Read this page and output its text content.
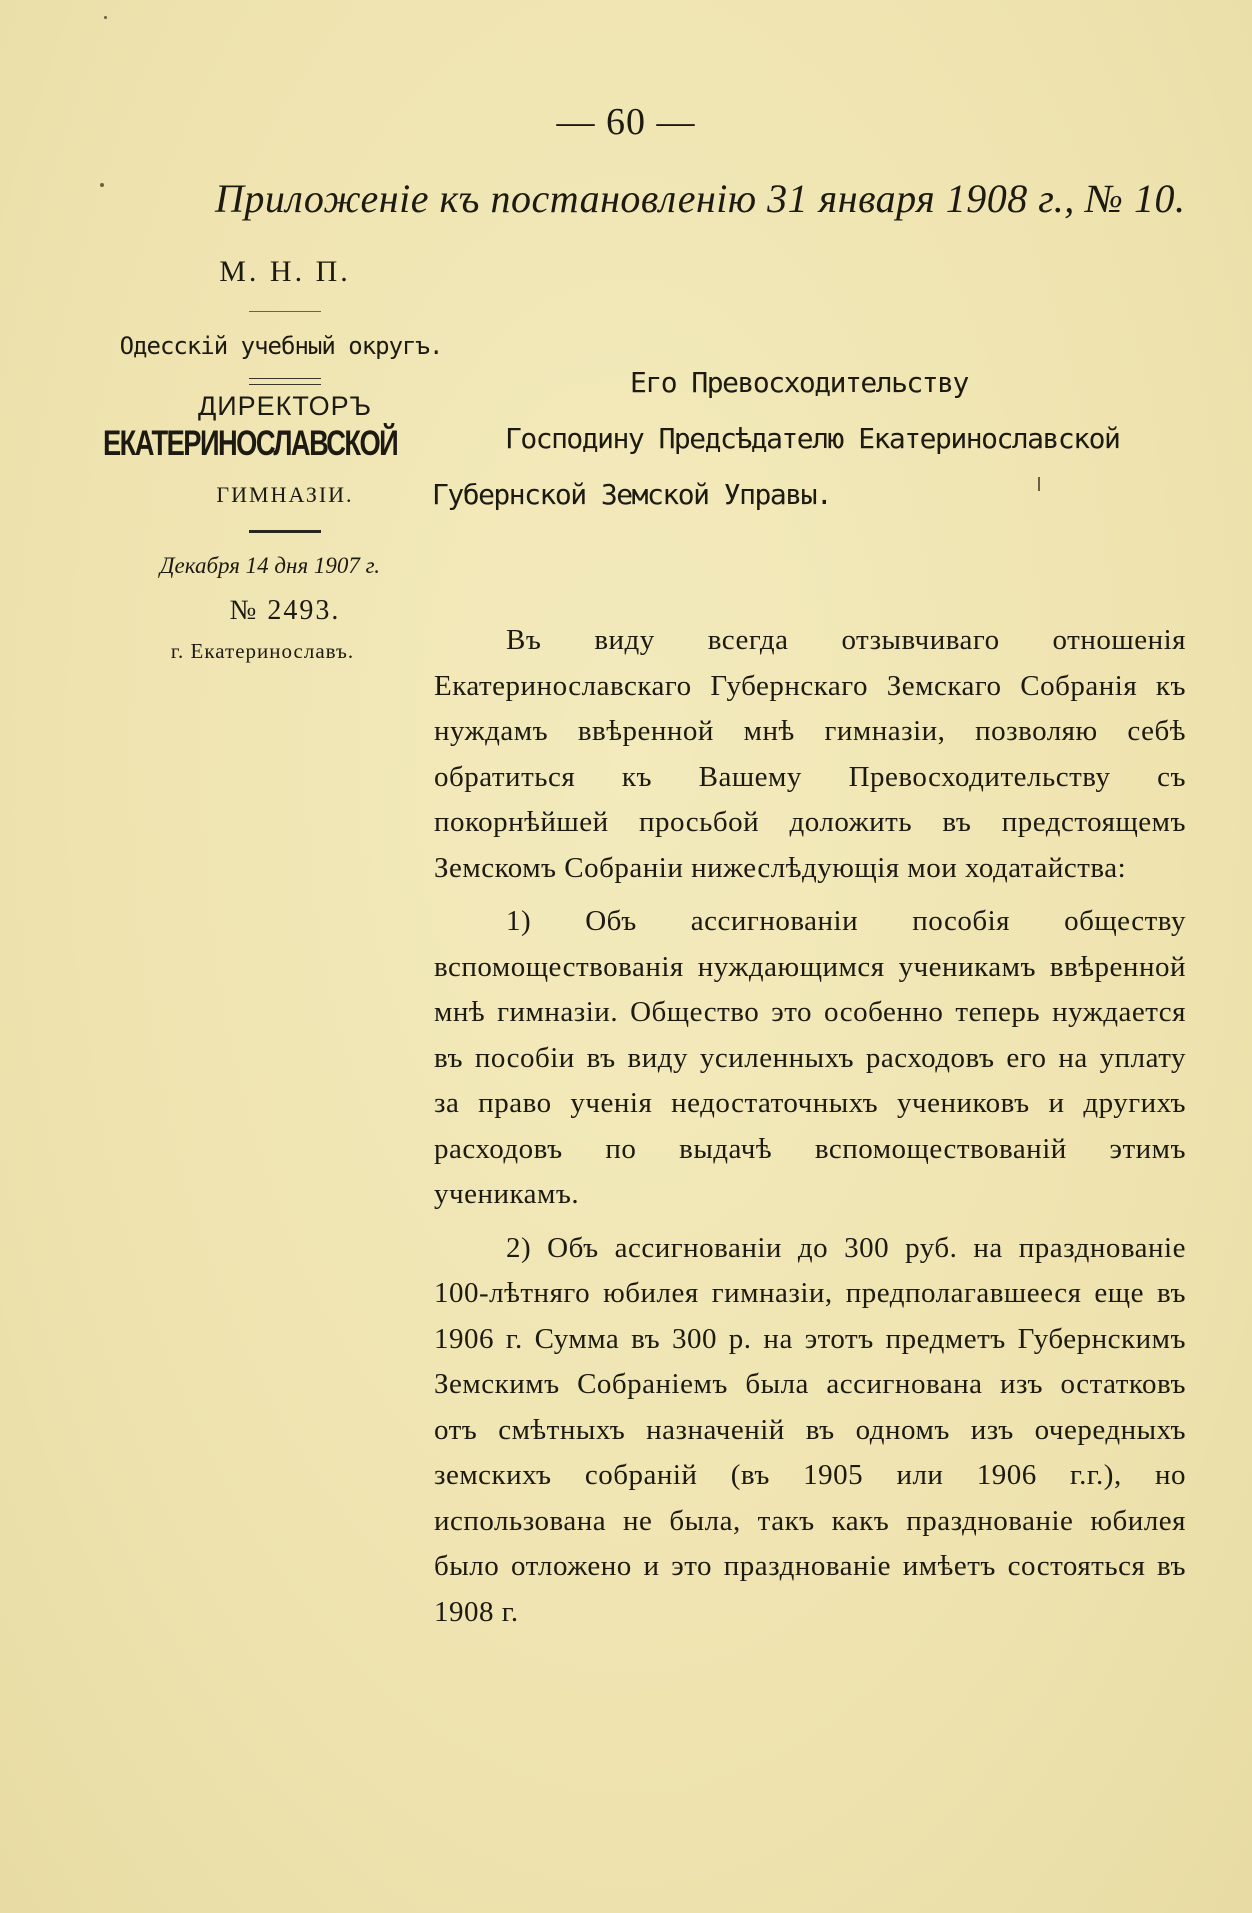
— 60 —
Приложенiе къ постановленiю 31 января 1908 г., № 10.
М. Н. П.
Одесскiй учебный округъ.
ДИРЕКТОРЪ
ЕКАТЕРИНОСЛАВСКОЙ
ГИМНАЗIИ.
Декабря 14 дня 1907 г.
№ 2493.
г. Екатеринославъ.
Его Превосходительству
Господину Предсѣдателю Екатеринославской
Губернской Земской Управы.

Въ виду всегда отзывчиваго отношенiя Екатеринославскаго Губернскаго Земскаго Собранiя къ нуждамъ ввѣренной мнѣ гимназiи, позволяю себѣ обратиться къ Вашему Превосходительству съ покорнѣйшей просьбой доложить въ предстоящемъ Земскомъ Собранiи нижеслѣдующiя мои ходатайства:

1) Объ ассигнованiи пособiя обществу вспомоществованiя нуждающимся ученикамъ ввѣренной мнѣ гимназiи. Общество это особенно теперь нуждается въ пособiи въ виду усиленныхъ расходовъ его на уплату за право ученiя недостаточныхъ учениковъ и другихъ расходовъ по выдачѣ вспомоществованiй этимъ ученикамъ.

2) Объ ассигнованiи до 300 руб. на празднованiе 100-лѣтняго юбилея гимназiи, предполагавшееся еще въ 1906 г. Сумма въ 300 р. на этотъ предметъ Губернскимъ Земскимъ Собранiемъ была ассигнована изъ остатковъ отъ смѣтныхъ назначенiй въ одномъ изъ очередныхъ земскихъ собранiй (въ 1905 или 1906 г.г.), но использована не была, такъ какъ празднованiе юбилея было отложено и это празднованiе имѣетъ состояться въ 1908 г.
